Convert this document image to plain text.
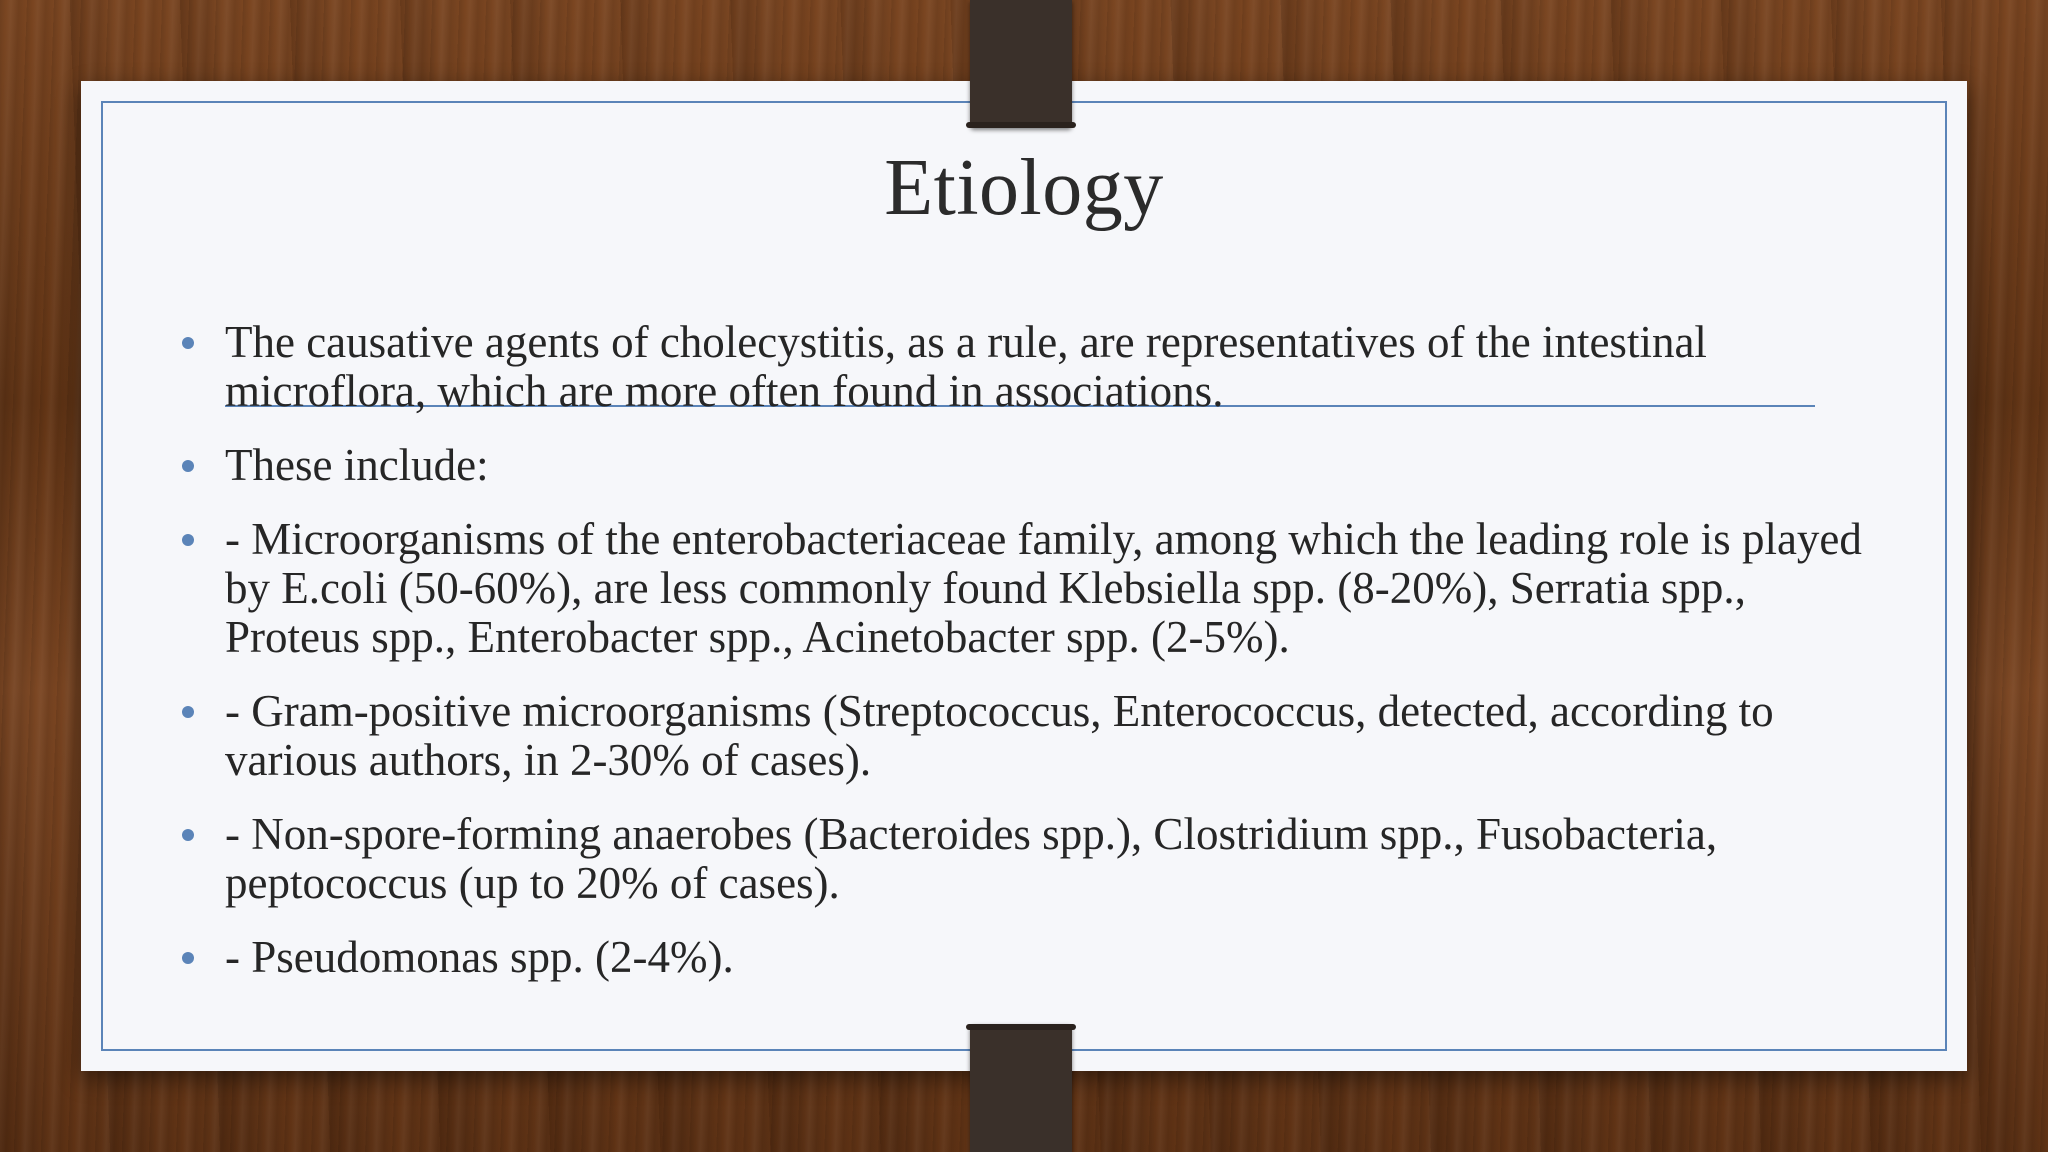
Etiology
The causative agents of cholecystitis, as a rule, are representatives of the intestinal microflora, which are more often found in associations.
These include:
- Microorganisms of the enterobacteriaceae family, among which the leading role is played by E.coli (50-60%), are less commonly found Klebsiella spp. (8-20%), Serratia spp., Proteus spp., Enterobacter spp., Acinetobacter spp. (2-5%).
- Gram-positive microorganisms (Streptococcus, Enterococcus, detected, according to various authors, in 2-30% of cases).
- Non-spore-forming anaerobes (Bacteroides spp.), Clostridium spp., Fusobacteria, peptococcus (up to 20% of cases).
- Pseudomonas spp. (2-4%).
